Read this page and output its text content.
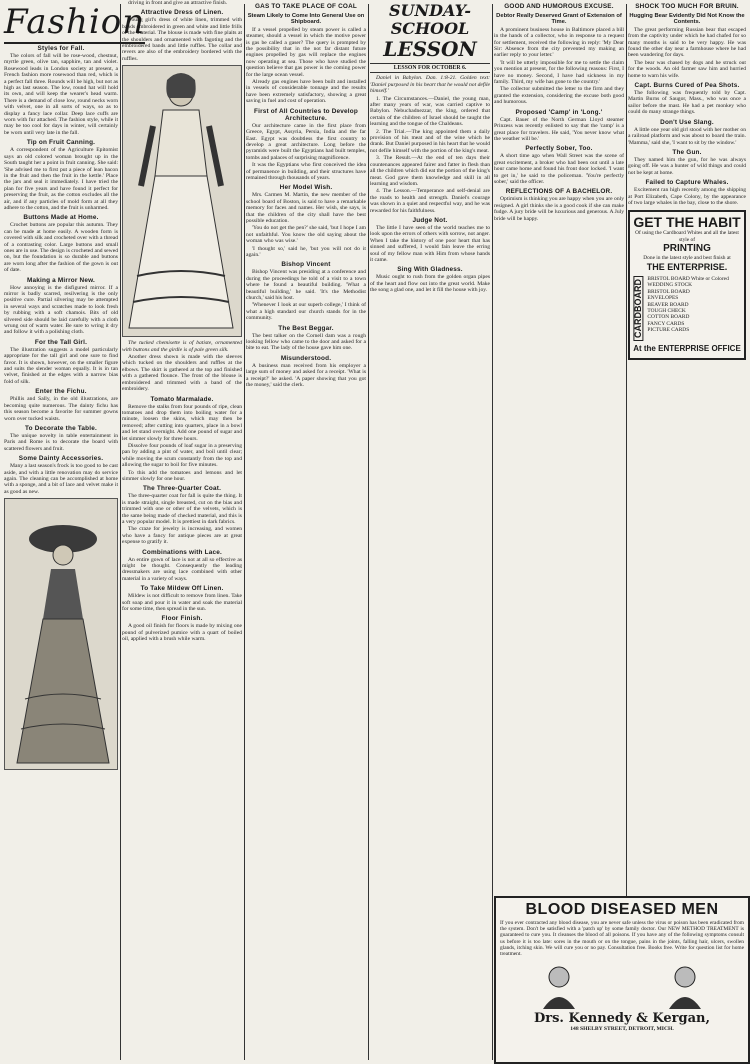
Fashion
Styles for Fall.

The colors of fall will be rose-wood, chestnut, myrtle green, olive tan, sapphire, tan and violet. Rosewood leads in London society at present, a French fashion more rosewood than red, which is a perfect fall three. Rounds will be high, but not as high as last season. The low, round hat will hold its own, and will keep the wearer's head warm. There is a demand of close low, round necks worn with velvet, one in all sorts of ways, so as to display a fancy lace collar. Deep lace cuffs are worn with fur attached. The fashion style, while it may be too cool for days in winter, will certainly be worn until very late in the fall.

Tip on Fruit Canning.

A correspondent of the Agriculture Epitomist says an old colored woman brought up in the South taught her a point in fruit canning. She said: 'She advised me to first put a piece of lean bacon in the fruit and then the fruit in the kettle.' Place the jars and seal it immediately. I have tried the plan for five years and have found it perfect for preserving the fruit, as the cotton excludes all the air, and if any particles of mold form at all they adhere to the cotton, and the fruit is unharmed.

Buttons Made at Home.

Crochet buttons are popular this autumn. They can be made at home easily. A wooden form is covered with silk and crocheted over with a thread of a contrasting color. Large buttons and small ones are in use. The design is crocheted and sewed on, but the foundation is so durable and buttons are worn long after the fashion of the gown is out of date.

Making a Mirror New.

How annoying is the disfigured mirror. If a mirror is badly scarred, resilvering is the only positive cure. Partial silvering may be attempted in several ways and scratches made to look fresh by rubbing with a soft chamois. Bits of old silvered side should be laid carefully with a cloth wrung out of warm water. Be sure to wring it dry and follow it with a polishing cloth.

For the Tall Girl.

The illustration suggests a model particularly appropriate for the tall girl and one sure to find favor. It is shown, however, on the smaller figure and suits the slender woman equally. It is in tan velvet, finished at the edges with a narrow bias fold of silk.

Enter the Fichu.

Phillis and Sally, in the old illustrations, are becoming quite numerous. The dainty fichu has this season become a favorite for summer gowns worn over tucked waists.

To Decorate the Table.

The unique novelty in table entertainment in Paris and Rome is to decorate the board with scattered flowers and fruit.

Some Dainty Accessories.

Many a last season's frock is too good to be cast aside, and with a little renovation may do service again. The cleaning can be accomplished at home with a sponge, and a bit of lace and velvet make it as good as new.

driving in front and give an attractive finish.

Attractive Dress of Linen.

Young girl's dress of white linen, trimmed with bands embroidered in green and white and little frills of the material. The blouse is made with fine plaits at the shoulders and ornamented with fagoting and the embroidered bands and little ruffles. The collar and revers are also of the embroidery bordered with the ruffles.

The tucked chemisette is of batiste, ornamented with buttons and the girdle is of pale green silk.

Another dress shown is made with the sleeves which tucked on the shoulders and ruffles at the elbows. The skirt is gathered at the top and finished with a gathered flounce. The front of the blouse is embroidered and trimmed with a band of the embroidery.

Tomato Marmalade.

Remove the stalks from four pounds of ripe, clean tomatoes and drop them into boiling water for a minute, loosen the skins, which may then be removed; after cutting into quarters, place in a bowl and let stand overnight. Add one pound of sugar and let simmer slowly for three hours.

Dissolve four pounds of loaf sugar in a preserving pan by adding a pint of water, and boil until clear; while moving the scum constantly from the top and allowing the sugar to boil for five minutes.

To this add the tomatoes and lemons and let simmer slowly for one hour.

The Three-Quarter Coat.

The three-quarter coat for fall is quite the thing. It is made straight, single breasted, cut on the bias and trimmed with one or other of the velvets, which is the same being made of checked material, and this is a very popular model. It is prettiest in dark fabrics.

The craze for jewelry is increasing, and women who have a fancy for antique pieces are at great expense to gratify it.

Combinations with Lace.

An entire gown of lace is not at all so effective as might be thought. Consequently the leading dressmakers are using lace combined with other material in a variety of ways.

To Take Mildew Off Linen.

Mildew is not difficult to remove from linen. Take soft soap and pour it in water and soak the material for some time, then spread in the sun.

Floor Finish.

A good oil finish for floors is made by mixing one pound of pulverized pumice with a quart of boiled oil, applied with a brush while warm.

GAS TO TAKE PLACE OF COAL
Steam Likely to Come Into General Use on Shipboard.

If a vessel propelled by steam power is called a steamer, should a vessel in which the motive power is gas be called a gaser? The query is prompted by the possibility that in the not far distant future engines propelled by gas will replace the engines now operating at sea. Those who have studied the question believe that gas power is the coming power for the large ocean vessel.

Already gas engines have been built and installed in vessels of considerable tonnage and the results have been extremely satisfactory, showing a great saving in fuel and cost of operation.

First of All Countries to Develop Architecture.

Our architecture came in the first place from Greece, Egypt, Assyria, Persia, India and the far East. Egypt was doubtless the first country to develop a great architecture. Long before the pyramids were built the Egyptians had built temples, tombs and palaces of surprising magnificence.

It was the Egyptians who first conceived the idea of permanence in building, and their structures have remained through thousands of years.

Her Model Wish.

Mrs. Carmen M. Martin, the new member of the school board of Boston, is said to have a remarkable memory for faces and names. Her wish, she says, is that the children of the city shall have the best possible education.

'You do not get the pen?' she said, 'but I hope I am not unfaithful. You know the old saying about the woman who was wise.'

'I thought so,' said he, 'but you will not do it again.'

Bishop Vincent

Bishop Vincent was presiding at a conference and during the proceedings he told of a visit to a town where he found a beautiful building. 'What a beautiful building,' he said. 'It's the Methodist church,' said his host.

'Whenever I look at our superb college,' I think of what a high standard our church stands for in the community.

The Best Beggar.

The best talker on the Cornell dam was a rough looking fellow who came to the door and asked for a bite to eat. The lady of the house gave him one.

Misunderstood.

A business man received from his employer a large sum of money and asked for a receipt. 'What is a receipt?' he asked. 'A paper showing that you got the money,' said the clerk.

SUNDAY-SCHOOL
LESSON
LESSON FOR OCTOBER 6.

Daniel in Babylon. Dan. 1:8-21. Golden text: 'Daniel purposed in his heart that he would not defile himself.'

1. The Circumstances.—Daniel, the young man, after many years of war, was carried captive to Babylon. Nebuchadnezzar, the king, ordered that certain of the children of Israel should be taught the learning and the tongue of the Chaldeans.

2. The Trial.—The king appointed them a daily provision of his meat and of the wine which he drank. But Daniel purposed in his heart that he would not defile himself with the portion of the king's meat.

3. The Result.—At the end of ten days their countenances appeared fairer and fatter in flesh than all the children which did eat the portion of the king's meat. God gave them knowledge and skill in all learning and wisdom.

4. The Lesson.—Temperance and self-denial are the roads to health and strength. Daniel's courage was shown in a quiet and respectful way, and he was rewarded for his faithfulness.

Judge Not.

The little I have seen of the world teaches me to look upon the errors of others with sorrow, not anger. When I take the history of one poor heart that has sinned and suffered, I would fain leave the erring soul of my fellow man with Him from whose hands it came.

Sing With Gladness.

Music ought to rush from the golden organ pipes of the heart and flow out into the great world. Make the song a glad one, and let it fill the house with joy.

GOOD AND HUMOROUS EXCUSE.
Debtor Really Deserved Grant of Extension of Time.

A prominent business house in Baltimore placed a bill in the hands of a collector, who in response to a request for settlement, received the following in reply: 'My Dear Sir: Absence from the city prevented my making an earlier reply to your letter.'

'It will be utterly impossible for me to settle the claim you mention at present, for the following reasons: First, I have no money. Second, I have had sickness in my family. Third, my wife has gone to the country.'

The collector submitted the letter to the firm and they granted the extension, considering the excuse both good and humorous.

Proposed 'Camp' in 'Long.'

Capt. Bauer of the North German Lloyd steamer Prinzess was recently enlisted to say that the 'camp' is a great place for travelers. He said, 'You never know what the weather will be.'

Perfectly Sober, Too.

A short time ago when Wall Street was the scene of great excitement, a broker who had been out until a late hour came home and found his front door locked. 'I want to get in,' he said to the policeman. 'You're perfectly sober,' said the officer.

REFLECTIONS OF A BACHELOR.

Optimism is thinking you are happy when you are only resigned. A girl thinks she is a good cook if she can make fudge. A jury bride will be luxurious and generous. A July bride will be happy.

SHOCK TOO MUCH FOR BRUIN.
Hugging Bear Evidently Did Not Know the Contents.

The great performing Russian bear that escaped from the captivity under which he had chafed for so many months is said to be very happy. He was found the other day near a farmhouse where he had been wandering for days.

The bear was chased by dogs and he struck out for the woods. An old farmer saw him and hurried home to warn his wife.

Capt. Burns Cured of Pea Shots.

The following was frequently told by Capt. Martin Burns of Saugor, Mass., who was once a sailor before the mast. He had a pet monkey who could do many strange things.

Don't Use Slang.

A little one year old girl stood with her mother on a railroad platform and was about to board the train. 'Mamma,' said she, 'I want to sit by the window.'

The Gun.

They named him the gun, for he was always going off. He was a hunter of wild things and could not be kept at home.

Failed to Capture Whales.

Excitement ran high recently among the shipping at Port Elizabeth, Cape Colony, by the appearance of two large whales in the bay, close to the shore.

GET THE HABIT
Of using the Cardboard Whites and all the latest style of
PRINTING
Done in the latest style and best finish at
THE ENTERPRISE.
CARDBOARD BRISTOL BOARD White or Colored
WEDDING STOCK
BRISTOL BOARD
ENVELOPES
BEAVER BOARD
TOUGH CHECK
COTTON BOARD
FANCY CARDS
PICTURE CARDS
At the ENTERPRISE OFFICE
BLOOD DISEASED MEN
If you ever contracted any blood disease, you are never safe unless the virus or poison has been eradicated from the system. Don't be satisfied with a 'patch up' by some family doctor. Our NEW METHOD TREATMENT is guaranteed to cure you. It cleanses the blood of all poisons. If you have any of the following symptoms consult us before it is too late: sores in the mouth or on the tongue, pains in the joints, falling hair, ulcers, swollen glands, itching skin. We will cure you or no pay. Consultation free. Books free. Write for question list for home treatment.
Drs. Kennedy & Kergan,
148 SHELBY STREET, DETROIT, MICH.
